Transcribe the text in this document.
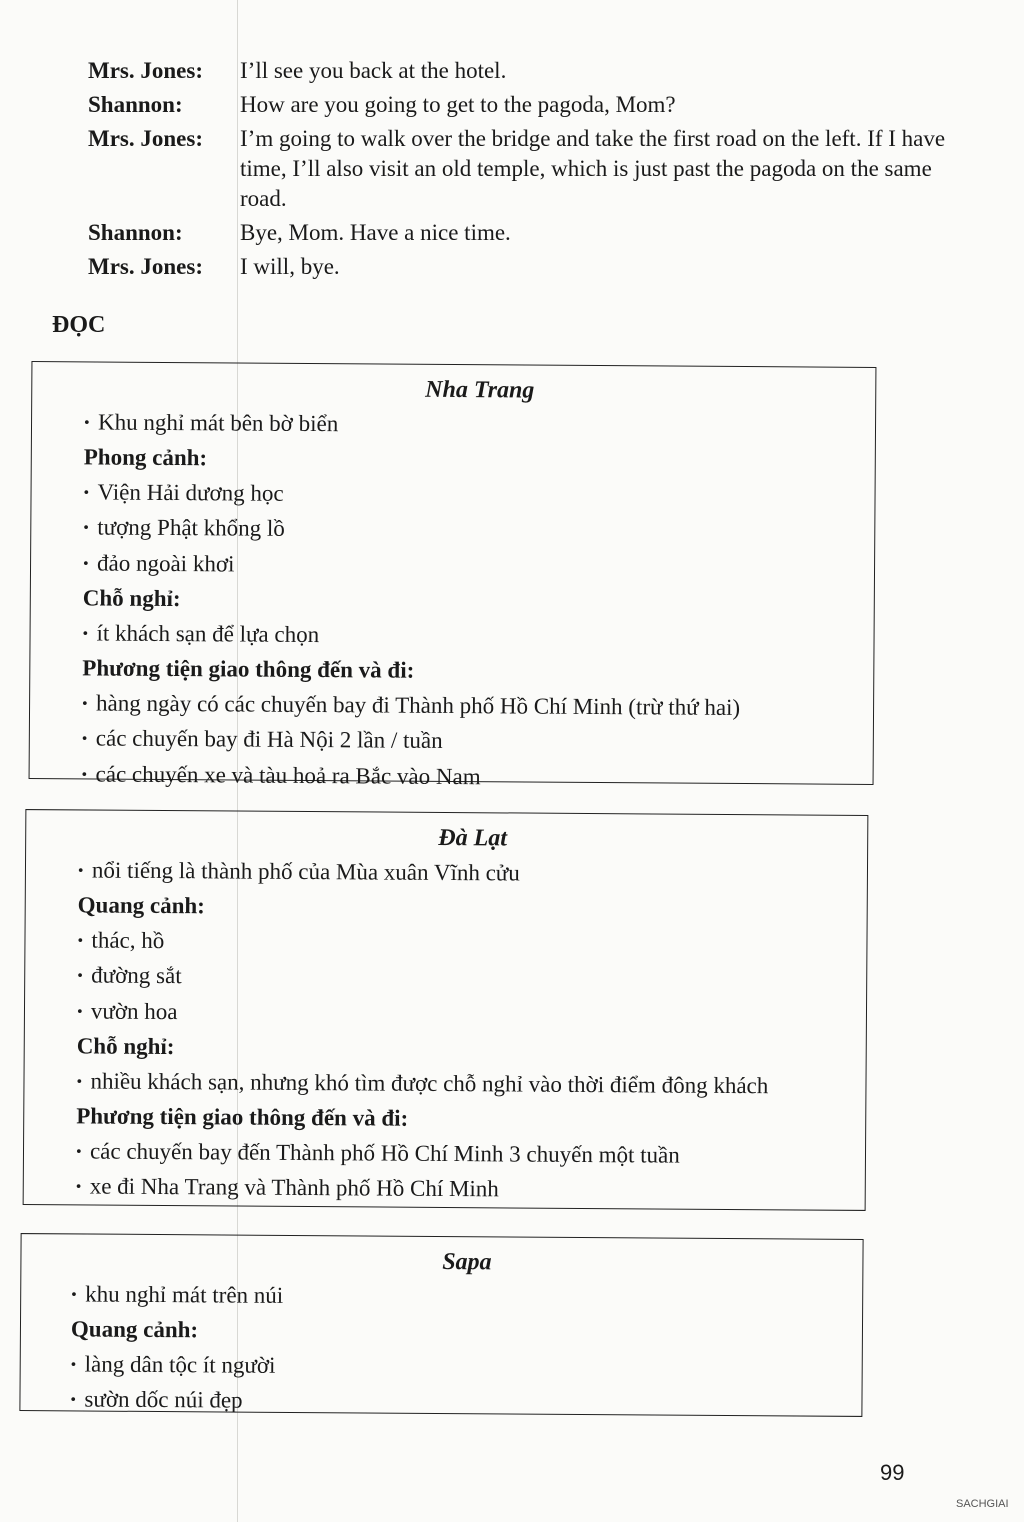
Mrs. Jones:	I’ll see you back at the hotel.
Shannon:	How are you going to get to the pagoda, Mom?
Mrs. Jones:	I’m going to walk over the bridge and take the first road on the left. If I have time, I’ll also visit an old temple, which is just past the pagoda on the same road.
Shannon:	Bye, Mom. Have a nice time.
Mrs. Jones:	I will, bye.
ĐỌC
Nha Trang
• Khu nghỉ mát bên bờ biển
Phong cảnh:
• Viện Hải dương học
• tượng Phật khổng lồ
• đảo ngoài khơi
Chỗ nghỉ:
• ít khách sạn để lựa chọn
Phương tiện giao thông đến và đi:
• hàng ngày có các chuyến bay đi Thành phố Hồ Chí Minh (trừ thứ hai)
• các chuyến bay đi Hà Nội 2 lần / tuần
• các chuyến xe và tàu hoả ra Bắc vào Nam
Đà Lạt
• nổi tiếng là thành phố của Mùa xuân Vĩnh cửu
Quang cảnh:
• thác, hồ
• đường sắt
• vườn hoa
Chỗ nghỉ:
• nhiều khách sạn, nhưng khó tìm được chỗ nghỉ vào thời điểm đông khách
Phương tiện giao thông đến và đi:
• các chuyến bay đến Thành phố Hồ Chí Minh 3 chuyến một tuần
• xe đi Nha Trang và Thành phố Hồ Chí Minh
Sapa
• khu nghỉ mát trên núi
Quang cảnh:
• làng dân tộc ít người
• sườn dốc núi đẹp
99
SACHGIAI
